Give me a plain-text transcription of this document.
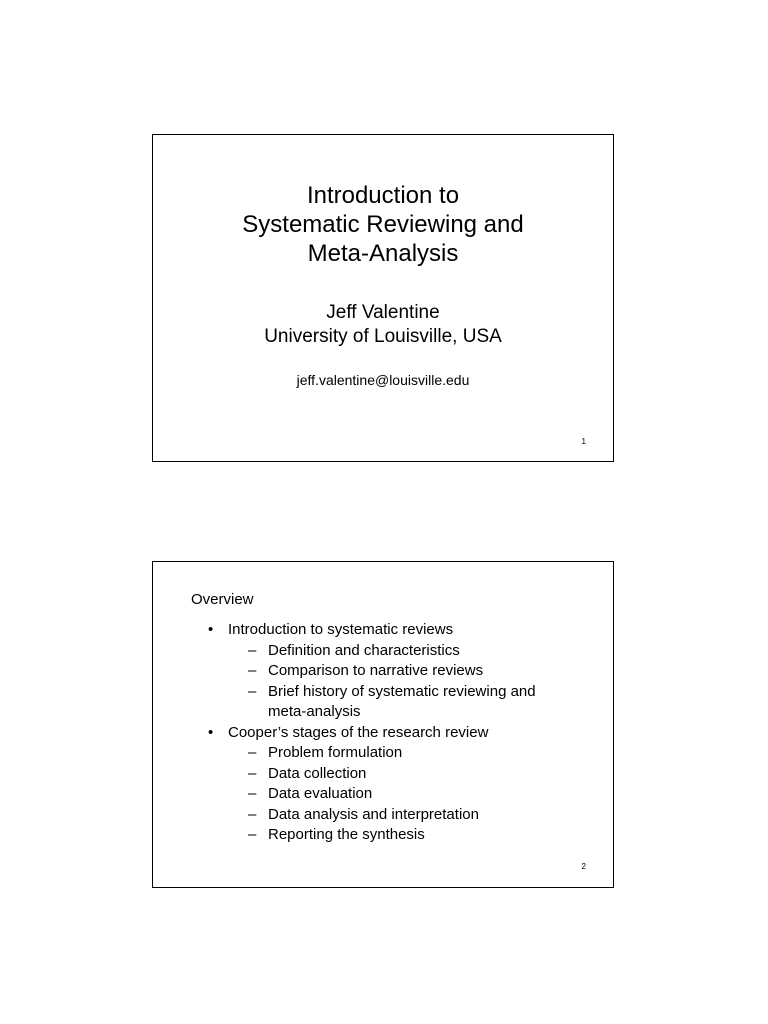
Introduction to
Systematic Reviewing and
Meta-Analysis
Jeff Valentine
University of Louisville, USA
jeff.valentine@louisville.edu
1
Overview
• Introduction to systematic reviews
– Definition and characteristics
– Comparison to narrative reviews
– Brief history of systematic reviewing and
meta-analysis
• Cooper’s stages of the research review
– Problem formulation
– Data collection
– Data evaluation
– Data analysis and interpretation
– Reporting the synthesis
2
